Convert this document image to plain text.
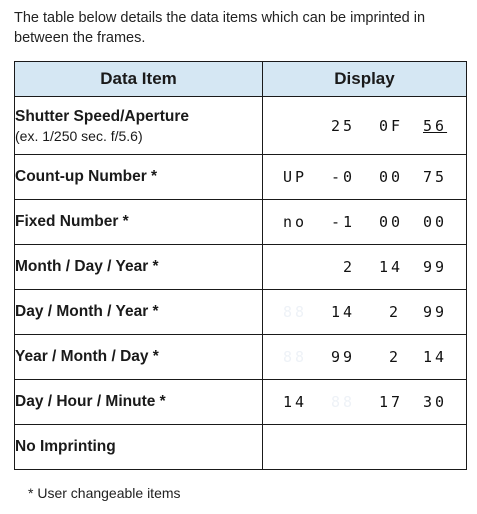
The table below details the data items which can be imprinted in between the frames.
Data Item	Display
Shutter Speed/Aperture
(ex. 1/250 sec. f/5.6)	25 0F 56

Count-up Number *	UP -0 00 75

Fixed Number *	no -1 00 00

Month / Day / Year *	2 14 99

Day / Month / Year *	88 14 2 99

Year / Month / Day *	88 99 2 14

Day / Hour / Minute *	14 88 17 30

No Imprinting	
* User changeable items
